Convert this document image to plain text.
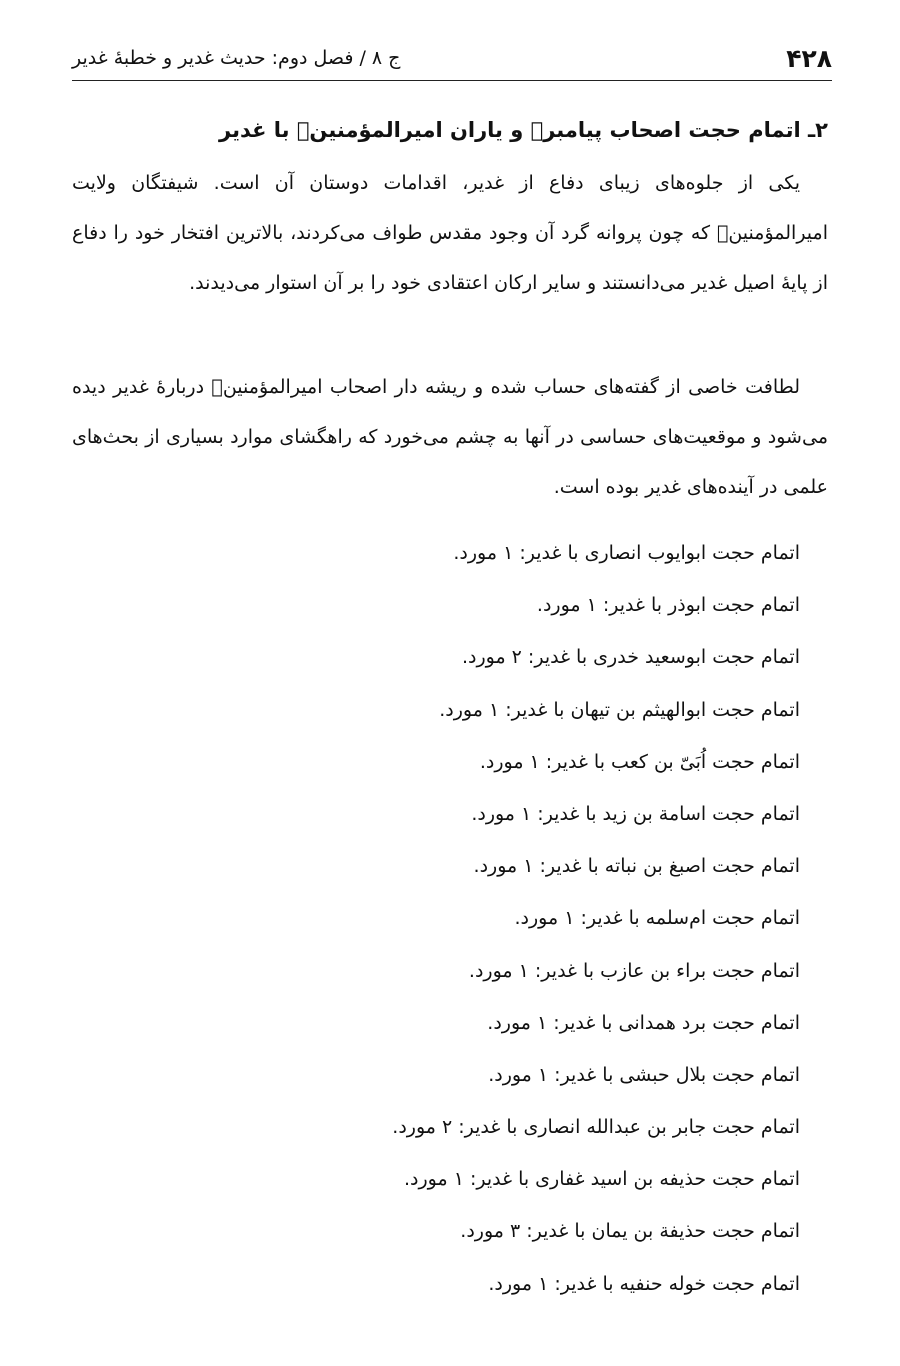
۴۲۸
ج ۸ / فصل دوم: حدیث غدیر و خطبۀ غدیر
۲ـ اتمام حجت اصحاب پیامبرﷺ و یاران امیرالمؤمنینؑ با غدیر

یکی از جلوه‌های زیبای دفاع از غدیر، اقدامات دوستان آن است. شیفتگان ولایت امیرالمؤمنینؑ که چون پروانه گرد آن وجود مقدس طواف می‌کردند، بالاترین افتخار خود را دفاع از پایۀ اصیل غدیر می‌دانستند و سایر ارکان اعتقادی خود را بر آن استوار می‌دیدند.

لطافت خاصی از گفته‌های حساب شده و ریشه دار اصحاب امیرالمؤمنینؑ دربارۀ غدیر دیده می‌شود و موقعیت‌های حساسی در آنها به چشم می‌خورد که راهگشای موارد بسیاری از بحث‌های علمی در آینده‌های غدیر بوده است.

اتمام حجت ابوایوب انصاری با غدیر: ۱ مورد.
اتمام حجت ابوذر با غدیر: ۱ مورد.
اتمام حجت ابوسعید خدری با غدیر: ۲ مورد.
اتمام حجت ابوالهیثم بن تیهان با غدیر: ۱ مورد.
اتمام حجت اُبَیّ بن کعب با غدیر: ۱ مورد.
اتمام حجت اسامة بن زید با غدیر: ۱ مورد.
اتمام حجت اصبغ بن نباته با غدیر: ۱ مورد.
اتمام حجت ام‌سلمه با غدیر: ۱ مورد.
اتمام حجت براء بن عازب با غدیر: ۱ مورد.
اتمام حجت برد همدانی با غدیر: ۱ مورد.
اتمام حجت بلال حبشی با غدیر: ۱ مورد.
اتمام حجت جابر بن عبدالله انصاری با غدیر: ۲ مورد.
اتمام حجت حذیفه بن اسید غفاری با غدیر: ۱ مورد.
اتمام حجت حذیفة بن یمان با غدیر: ۳ مورد.
اتمام حجت خوله حنفیه با غدیر: ۱ مورد.
